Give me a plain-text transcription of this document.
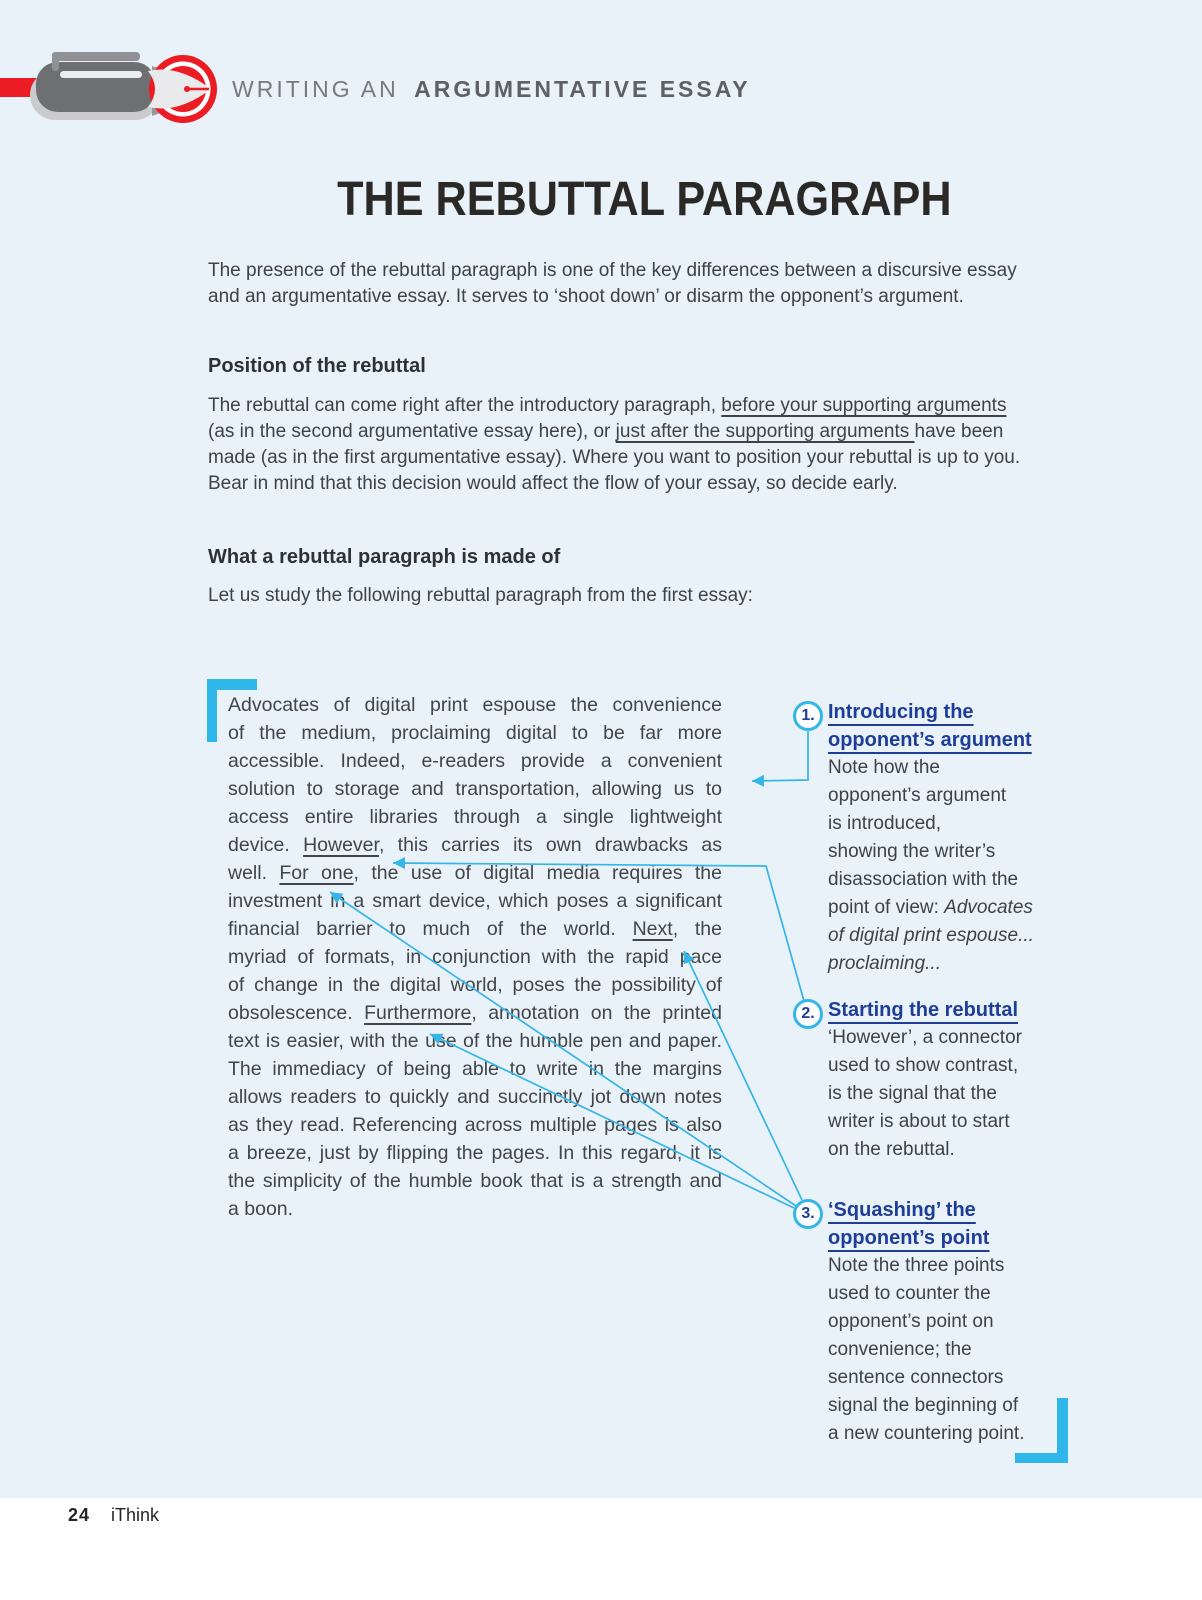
WRITING AN ARGUMENTATIVE ESSAY
THE REBUTTAL PARAGRAPH
The presence of the rebuttal paragraph is one of the key differences between a discursive essay
and an argumentative essay. It serves to ‘shoot down’ or disarm the opponent’s argument.
Position of the rebuttal
The rebuttal can come right after the introductory paragraph, before your supporting arguments
(as in the second argumentative essay here), or just after the supporting arguments have been
made (as in the first argumentative essay). Where you want to position your rebuttal is up to you.
Bear in mind that this decision would affect the flow of your essay, so decide early.
What a rebuttal paragraph is made of
Let us study the following rebuttal paragraph from the first essay:
Advocates of digital print espouse the convenience
of the medium, proclaiming digital to be far more
accessible. Indeed, e-readers provide a convenient
solution to storage and transportation, allowing us to
access entire libraries through a single lightweight
device. However, this carries its own drawbacks as
well. For one, the use of digital media requires the
investment in a smart device, which poses a significant
financial barrier to much of the world. Next, the
myriad of formats, in conjunction with the rapid pace
of change in the digital world, poses the possibility of
obsolescence. Furthermore, annotation on the printed
text is easier, with the use of the humble pen and paper.
The immediacy of being able to write in the margins
allows readers to quickly and succinctly jot down notes
as they read. Referencing across multiple pages is also
a breeze, just by flipping the pages. In this regard, it is
the simplicity of the humble book that is a strength and
a boon.
1. Introducing the
opponent’s argument
Note how the
opponent’s argument
is introduced,
showing the writer’s
disassociation with the
point of view: Advocates
of digital print espouse...
proclaiming...
2. Starting the rebuttal
‘However’, a connector
used to show contrast,
is the signal that the
writer is about to start
on the rebuttal.
3. ‘Squashing’ the
opponent’s point
Note the three points
used to counter the
opponent’s point on
convenience; the
sentence connectors
signal the beginning of
a new countering point.
24 iThink
